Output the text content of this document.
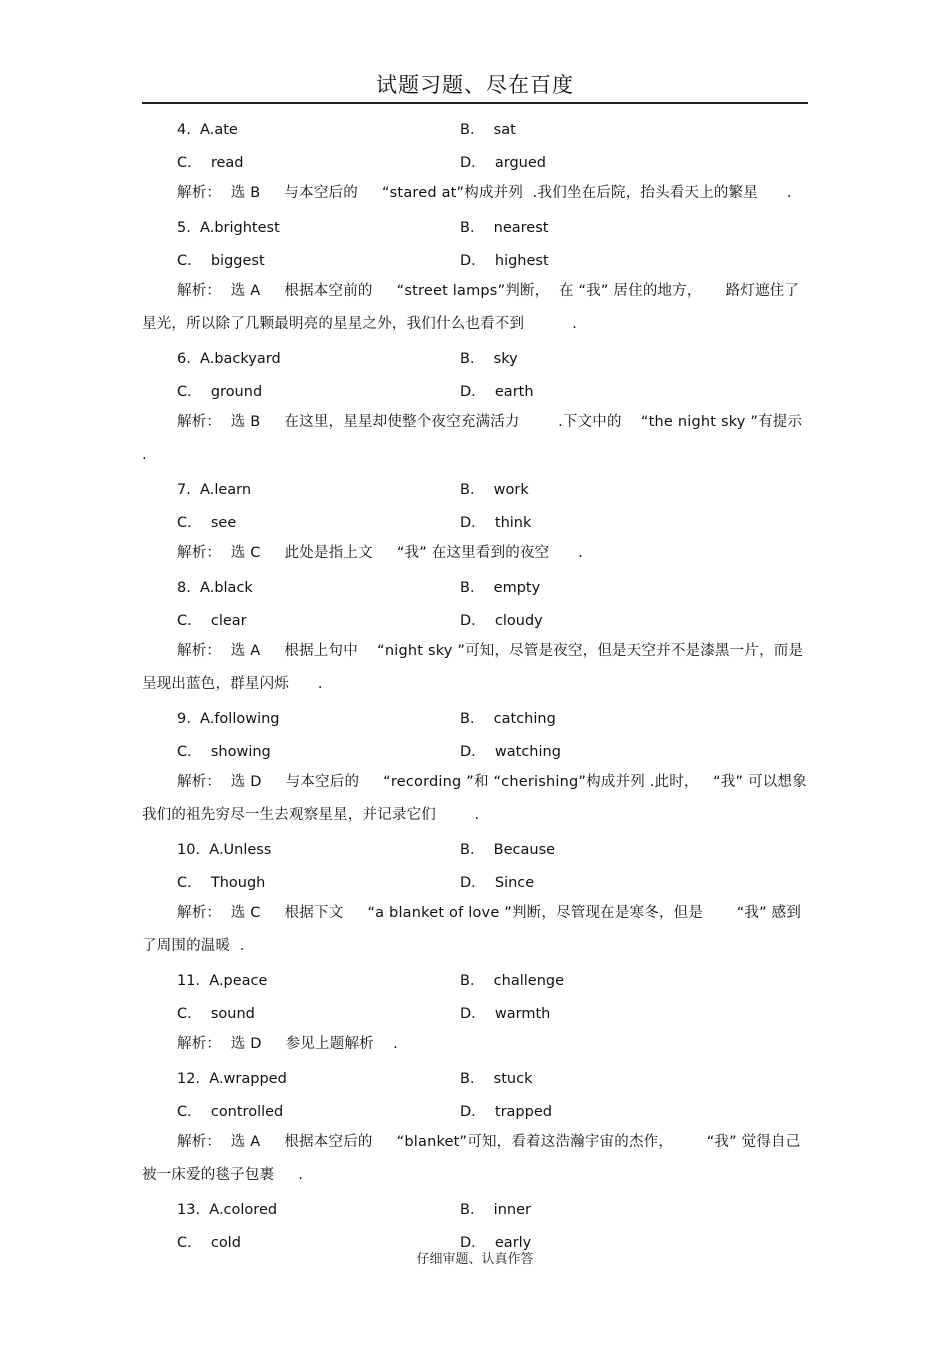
试题习题、尽在百度
4.  A.ate	B．  sat
C．  read	D．  argued

解析：  选 B     与本空后的     “stared at”构成并列  .我们坐在后院，抬头看天上的繁星      .

5.  A.brightest	B．  nearest
C．  biggest	D．  highest

解析：  选 A     根据本空前的     “street lamps”判断，  在 “我” 居住的地方，     路灯遮住了星光，所以除了几颗最明亮的星星之外，我们什么也看不到          .

6.  A.backyard	B．  sky
C．  ground	D．  earth

解析：  选 B     在这里，星星却使整个夜空充满活力        .下文中的    “the night sky ”有提示 .

7.  A.learn	B．  work
C．  see	D．  think

解析：  选 C     此处是指上文     “我” 在这里看到的夜空      .

8.  A.black	B．  empty
C．  clear	D．  cloudy

解析：  选 A     根据上句中    “night sky ”可知，尽管是夜空，但是天空并不是漆黑一片，而是呈现出蓝色，群星闪烁      .

9.  A.following	B．  catching
C．  showing	D．  watching

解析：  选 D     与本空后的     “recording ”和 “cherishing”构成并列 .此时，   “我” 可以想象我们的祖先穷尽一生去观察星星，并记录它们        .

10.  A.Unless	B．  Because
C．  Though	D．  Since

解析：  选 C     根据下文     “a blanket of love ”判断，尽管现在是寒冬，但是       “我” 感到了周围的温暖  .

11.  A.peace	B．  challenge
C．  sound	D．  warmth

解析：  选 D     参见上题解析    .

12.  A.wrapped	B．  stuck
C．  controlled	D．  trapped

解析：  选 A     根据本空后的     “blanket”可知，看着这浩瀚宇宙的杰作，       “我” 觉得自己被一床爱的毯子包裹     .

13.  A.colored	B．  inner
C．  cold	D．  early
仔细审题、认真作答
